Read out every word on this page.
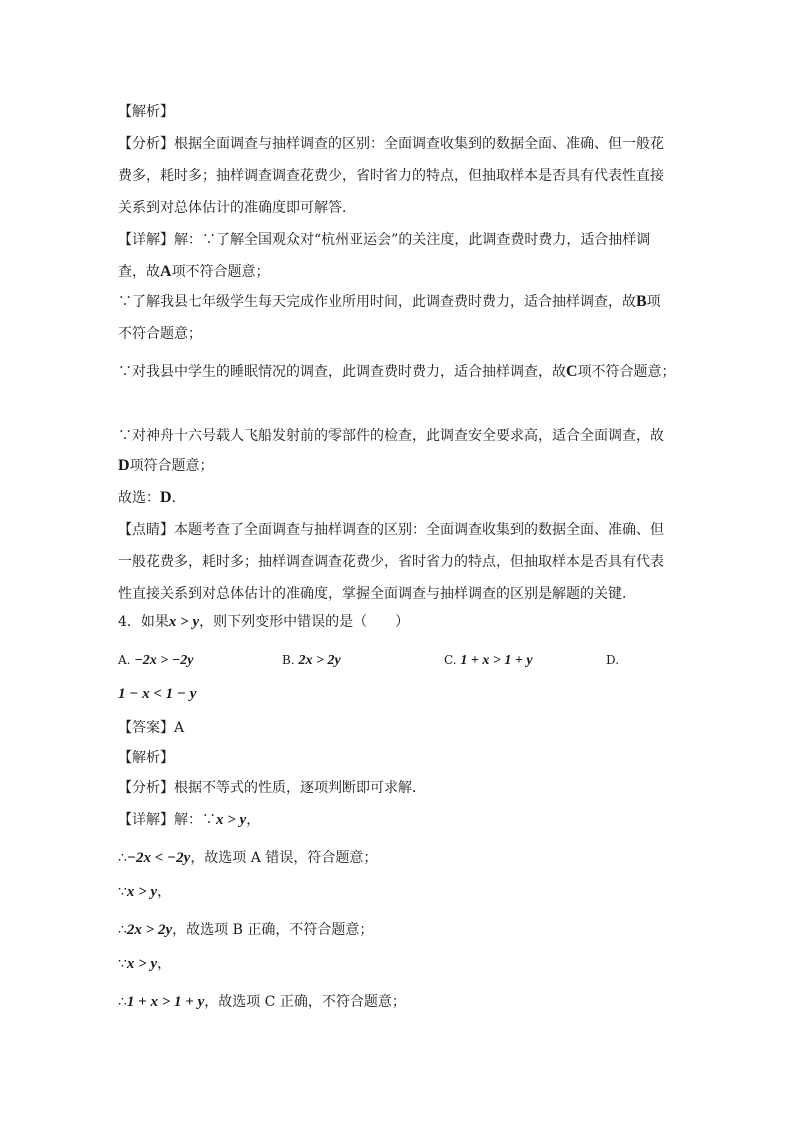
【解析】
【分析】根据全面调查与抽样调查的区别：全面调查收集到的数据全面、准确、但一般花
费多，耗时多；抽样调查调查花费少，省时省力的特点，但抽取样本是否具有代表性直接
关系到对总体估计的准确度即可解答．
【详解】解：∵了解全国观众对“杭州亚运会”的关注度，此调查费时费力，适合抽样调
查，故A项不符合题意；
∵了解我县七年级学生每天完成作业所用时间，此调查费时费力，适合抽样调查，故B项
不符合题意；
∵对我县中学生的睡眠情况的调查，此调查费时费力，适合抽样调查，故C项不符合题意；
∵对神舟十六号载人飞船发射前的零部件的检查，此调查安全要求高，适合全面调查，故
D项符合题意；
故选：D．
【点睛】本题考查了全面调查与抽样调查的区别：全面调查收集到的数据全面、准确、但
一般花费多，耗时多；抽样调查调查花费少，省时省力的特点，但抽取样本是否具有代表
性直接关系到对总体估计的准确度，掌握全面调查与抽样调查的区别是解题的关键．
4．如果x > y，则下列变形中错误的是（　　）
A. −2x > −2y	B. 2x > 2y	C. 1 + x > 1 + y	D.
1 − x < 1 − y
【答案】A
【解析】
【分析】根据不等式的性质，逐项判断即可求解．
【详解】解：∵x > y，
∴−2x < −2y，故选项 A 错误，符合题意；
∵x > y，
∴2x > 2y，故选项 B 正确，不符合题意；
∵x > y，
∴1 + x > 1 + y，故选项 C 正确，不符合题意；
